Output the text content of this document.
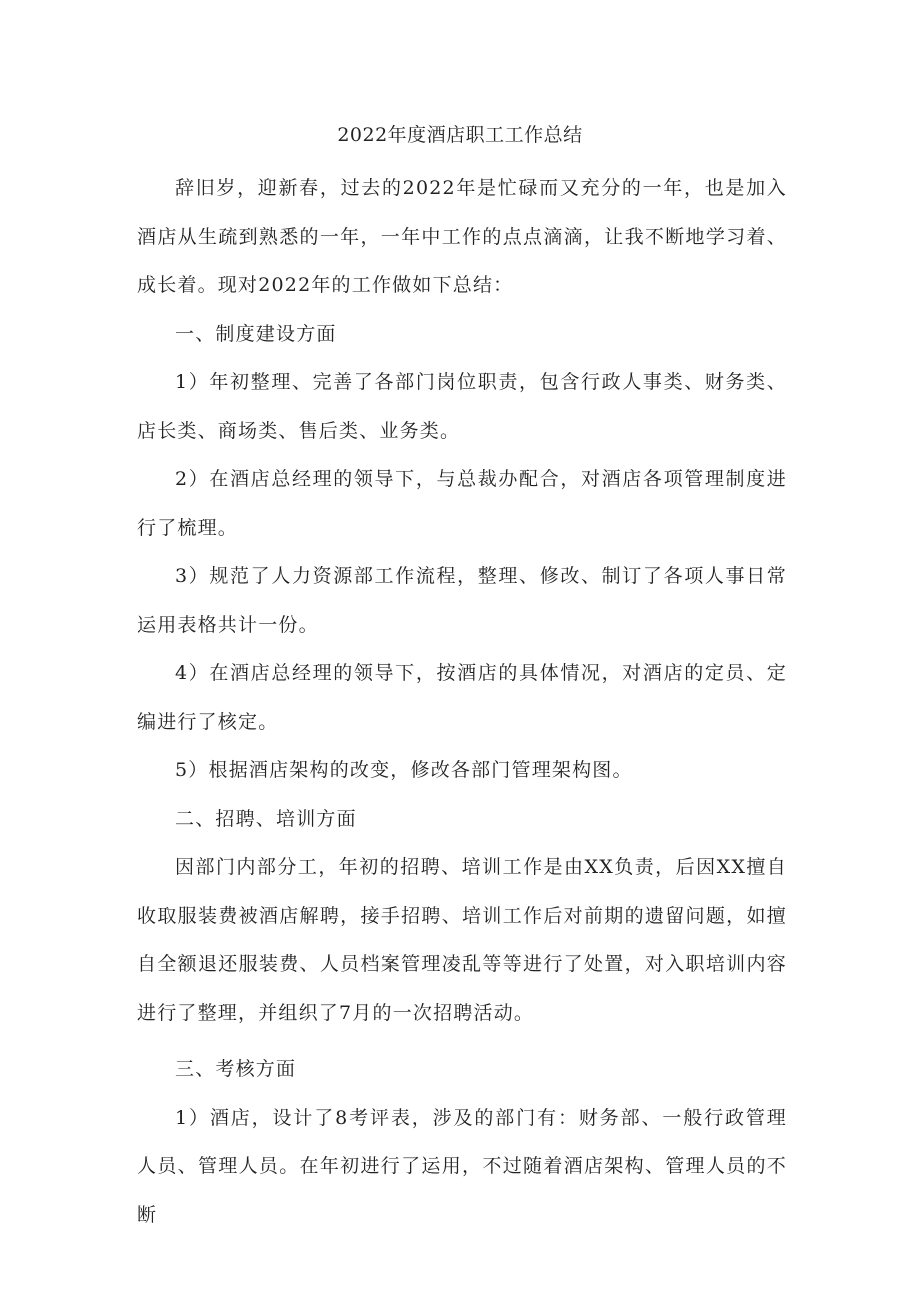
2022年度酒店职工工作总结

辞旧岁，迎新春，过去的2022年是忙碌而又充分的一年，也是加入酒店从生疏到熟悉的一年，一年中工作的点点滴滴，让我不断地学习着、成长着。现对2022年的工作做如下总结：

一、制度建设方面

1）年初整理、完善了各部门岗位职责，包含行政人事类、财务类、店长类、商场类、售后类、业务类。

2）在酒店总经理的领导下，与总裁办配合，对酒店各项管理制度进行了梳理。

3）规范了人力资源部工作流程，整理、修改、制订了各项人事日常运用表格共计一份。

4）在酒店总经理的领导下，按酒店的具体情况，对酒店的定员、定编进行了核定。

5）根据酒店架构的改变，修改各部门管理架构图。

二、招聘、培训方面

因部门内部分工，年初的招聘、培训工作是由XX负责，后因XX擅自收取服装费被酒店解聘，接手招聘、培训工作后对前期的遗留问题，如擅自全额退还服装费、人员档案管理凌乱等等进行了处置，对入职培训内容进行了整理，并组织了7月的一次招聘活动。

三、考核方面

1）酒店，设计了8考评表，涉及的部门有：财务部、一般行政管理人员、管理人员。在年初进行了运用，不过随着酒店架构、管理人员的不断
